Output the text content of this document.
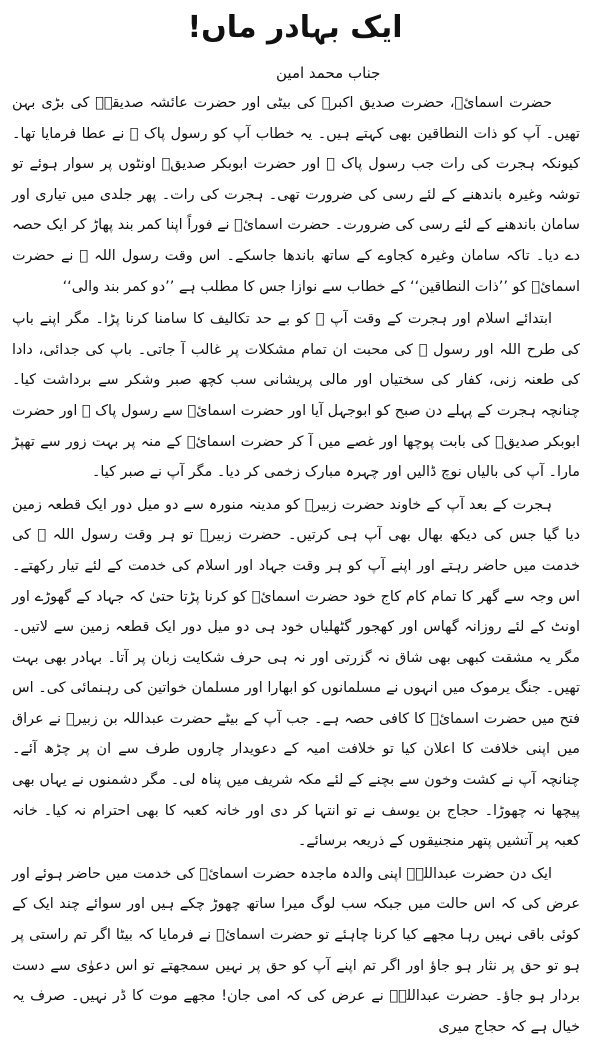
ایک بہادر ماں!
جناب محمد امین

حضرت اسمائؓ، حضرت صدیق اکبرؓ کی بیٹی اور حضرت عائشہ صدیقہؓ کی بڑی بہن تھیں۔ آپ کو ذات النطاقین بھی کہتے ہیں۔ یہ خطاب آپ کو رسول پاک ﷺ نے عطا فرمایا تھا۔ کیونکہ ہجرت کی رات جب رسول پاک ﷺ اور حضرت ابوبکر صدیقؓ اونٹوں پر سوار ہوئے تو توشہ وغیرہ باندھنے کے لئے رسی کی ضرورت تھی۔ ہجرت کی رات۔ پھر جلدی میں تیاری اور سامان باندھنے کے لئے رسی کی ضرورت۔ حضرت اسمائؓ نے فوراً اپنا کمر بند پھاڑ کر ایک حصہ دے دیا۔ تاکہ سامان وغیرہ کجاوے کے ساتھ باندھا جاسکے۔ اس وقت رسول اللہ ﷺ نے حضرت اسمائؓ کو ’’ذات النطاقین‘‘ کے خطاب سے نوازا جس کا مطلب ہے ’’دو کمر بند والی‘‘

ابتدائے اسلام اور ہجرت کے وقت آپ ﷺ کو بے حد تکالیف کا سامنا کرنا پڑا۔ مگر اپنے باپ کی طرح اللہ اور رسول ﷺ کی محبت ان تمام مشکلات پر غالب آ جاتی۔ باپ کی جدائی، دادا کی طعنہ زنی، کفار کی سختیاں اور مالی پریشانی سب کچھ صبر وشکر سے برداشت کیا۔ چنانچہ ہجرت کے پہلے دن صبح کو ابوجہل آیا اور حضرت اسمائؓ سے رسول پاک ﷺ اور حضرت ابوبکر صدیقؓ کی بابت پوچھا اور غصے میں آ کر حضرت اسمائؓ کے منہ پر بہت زور سے تھپڑ مارا۔ آپ کی بالیاں نوچ ڈالیں اور چہرہ مبارک زخمی کر دیا۔ مگر آپ نے صبر کیا۔

ہجرت کے بعد آپ کے خاوند حضرت زبیرؓ کو مدینہ منورہ سے دو میل دور ایک قطعہ زمین دیا گیا جس کی دیکھ بھال بھی آپ ہی کرتیں۔ حضرت زبیرؓ تو ہر وقت رسول اللہ ﷺ کی خدمت میں حاضر رہتے اور اپنے آپ کو ہر وقت جہاد اور اسلام کی خدمت کے لئے تیار رکھتے۔ اس وجہ سے گھر کا تمام کام کاج خود حضرت اسمائؓ کو کرنا پڑتا حتیٰ کہ جہاد کے گھوڑے اور اونٹ کے لئے روزانہ گھاس اور کھجور گٹھلیاں خود ہی دو میل دور ایک قطعہ زمین سے لاتیں۔ مگر یہ مشقت کبھی بھی شاق نہ گزرتی اور نہ ہی حرف شکایت زبان پر آتا۔ بہادر بھی بہت تھیں۔ جنگ یرموک میں انہوں نے مسلمانوں کو ابھارا اور مسلمان خواتین کی رہنمائی کی۔ اس فتح میں حضرت اسمائؓ کا کافی حصہ ہے۔ جب آپ کے بیٹے حضرت عبداللہ بن زبیرؓ نے عراق میں اپنی خلافت کا اعلان کیا تو خلافت امیہ کے دعویدار چاروں طرف سے ان پر چڑھ آئے۔ چنانچہ آپ نے کشت وخون سے بچنے کے لئے مکہ شریف میں پناہ لی۔ مگر دشمنوں نے یہاں بھی پیچھا نہ چھوڑا۔ حجاج بن یوسف نے تو انتہا کر دی اور خانہ کعبہ کا بھی احترام نہ کیا۔ خانہ کعبہ پر آتشیں پتھر منجنیقوں کے ذریعہ برسائے۔

ایک دن حضرت عبداللہؓ اپنی والدہ ماجدہ حضرت اسمائؓ کی خدمت میں حاضر ہوئے اور عرض کی کہ اس حالت میں جبکہ سب لوگ میرا ساتھ چھوڑ چکے ہیں اور سوائے چند ایک کے کوئی باقی نہیں رہا مجھے کیا کرنا چاہئے تو حضرت اسمائؓ نے فرمایا کہ بیٹا اگر تم راستی پر ہو تو حق پر نثار ہو جاؤ اور اگر تم اپنے آپ کو حق پر نہیں سمجھتے تو اس دعوٰی سے دست بردار ہو جاؤ۔ حضرت عبداللہؓ نے عرض کی کہ امی جان! مجھے موت کا ڈر نہیں۔ صرف یہ خیال ہے کہ حجاج میری
